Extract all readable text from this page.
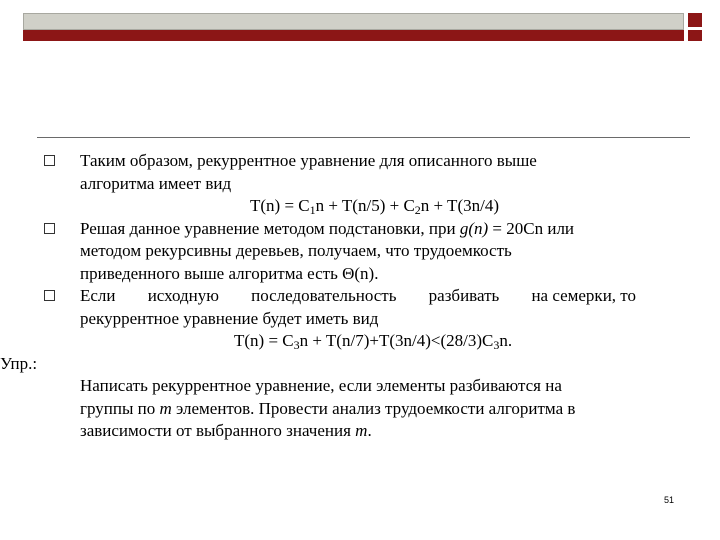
Таким образом, рекуррентное уравнение для описанного выше
алгоритма имеет вид
$T(n) = C_1n + T(n/5) + C_2n + T(3n/4)$
Решая данное уравнение методом подстановки, при g(n) = 20Cn или
методом рекурсивны деревьев, получаем, что трудоемкость
приведенного выше алгоритма есть Θ(n).
Если исходную последовательность разбивать на семерки, то
рекуррентное уравнение будет иметь вид
$T(n) = C_3n + T(n/7)+T(3n/4)<(28/3)C_3n$.
Упр.:
Написать рекуррентное уравнение, если элементы разбиваются на
группы по m элементов. Провести анализ трудоемкости алгоритма в
зависимости от выбранного значения m.
51
